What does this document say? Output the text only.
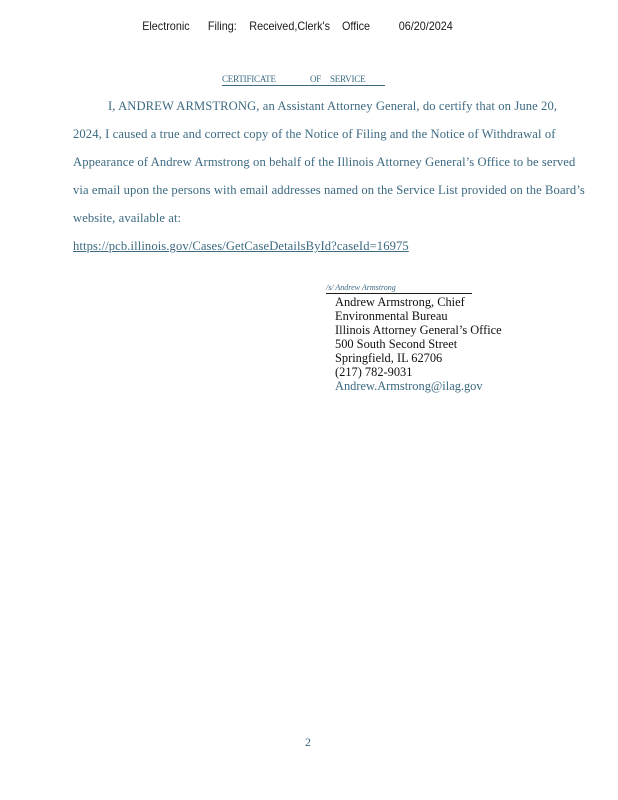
Electronic Filing: Received,Clerk's Office 06/20/2024
CERTIFICATE	OF SERVICE
I, ANDREW ARMSTRONG, an Assistant Attorney General, do certify that on June 20,
2024, I caused a true and correct copy of the Notice of Filing and the Notice of Withdrawal of
Appearance of Andrew Armstrong on behalf of the Illinois Attorney General’s Office to be served
via email upon the persons with email addresses named on the Service List provided on the Board’s
website, available at:
https://pcb.illinois.gov/Cases/GetCaseDetailsById?caseId=16975
/s/ Andrew Armstrong
Andrew Armstrong, Chief
Environmental Bureau
Illinois Attorney General’s Office
500 South Second Street
Springfield, IL 62706
(217) 782-9031
Andrew.Armstrong@ilag.gov
2
